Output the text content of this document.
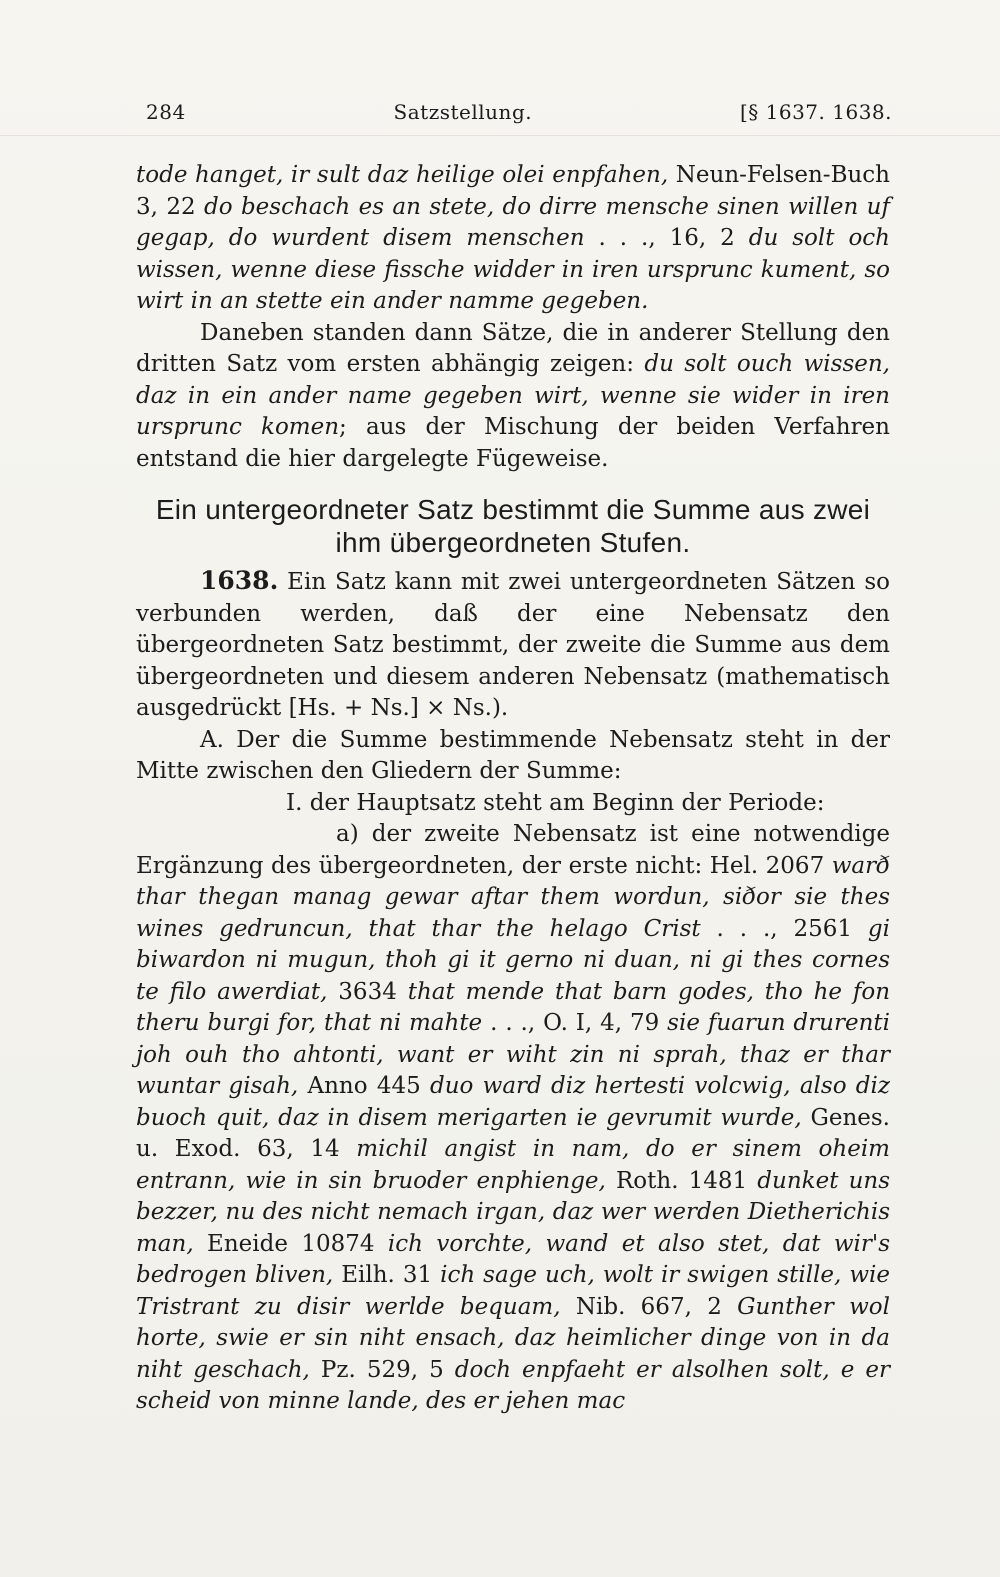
284	Satzstellung.	[§ 1637. 1638.

tode hanget, ir sult daz heilige olei enpfahen, Neun-Felsen-Buch 3, 22 do beschach es an stete, do dirre mensche sinen willen uf gegap, do wurdent disem menschen . . ., 16, 2 du solt och wissen, wenne diese fissche widder in iren ursprunc kument, so wirt in an stette ein ander namme gegeben.

Daneben standen dann Sätze, die in anderer Stellung den dritten Satz vom ersten abhängig zeigen: du solt ouch wissen, daz in ein ander name gegeben wirt, wenne sie wider in iren ursprunc komen; aus der Mischung der beiden Verfahren entstand die hier dargelegte Fügeweise.

Ein untergeordneter Satz bestimmt die Summe aus zwei ihm übergeordneten Stufen.

1638. Ein Satz kann mit zwei untergeordneten Sätzen so verbunden werden, daß der eine Nebensatz den übergeordneten Satz bestimmt, der zweite die Summe aus dem übergeordneten und diesem anderen Nebensatz (mathematisch ausgedrückt [Hs. + Ns.] × Ns.).

A. Der die Summe bestimmende Nebensatz steht in der Mitte zwischen den Gliedern der Summe:

I. der Hauptsatz steht am Beginn der Periode:

a) der zweite Nebensatz ist eine notwendige Ergänzung des übergeordneten, der erste nicht: Hel. 2067 warð thar thegan manag gewar aftar them wordun, siðor sie thes wines gedruncun, that thar the helago Crist . . ., 2561 gi biwardon ni mugun, thoh gi it gerno ni duan, ni gi thes cornes te filo awerdiat, 3634 that mende that barn godes, tho he fon theru burgi for, that ni mahte . . ., O. I, 4, 79 sie fuarun drurenti joh ouh tho ahtonti, want er wiht zin ni sprah, thaz er thar wuntar gisah, Anno 445 duo ward diz hertesti volcwig, also diz buoch quit, daz in disem merigarten ie gevrumit wurde, Genes. u. Exod. 63, 14 michil angist in nam, do er sinem oheim entrann, wie in sin bruoder enphienge, Roth. 1481 dunket uns bezzer, nu des nicht nemach irgan, daz wer werden Dietherichis man, Eneide 10874 ich vorchte, wand et also stet, dat wir's bedrogen bliven, Eilh. 31 ich sage uch, wolt ir swigen stille, wie Tristrant zu disir werlde bequam, Nib. 667, 2 Gunther wol horte, swie er sin niht ensach, daz heimlicher dinge von in da niht geschach, Pz. 529, 5 doch enpfaeht er alsolhen solt, e er scheid von minne lande, des er jehen mac
